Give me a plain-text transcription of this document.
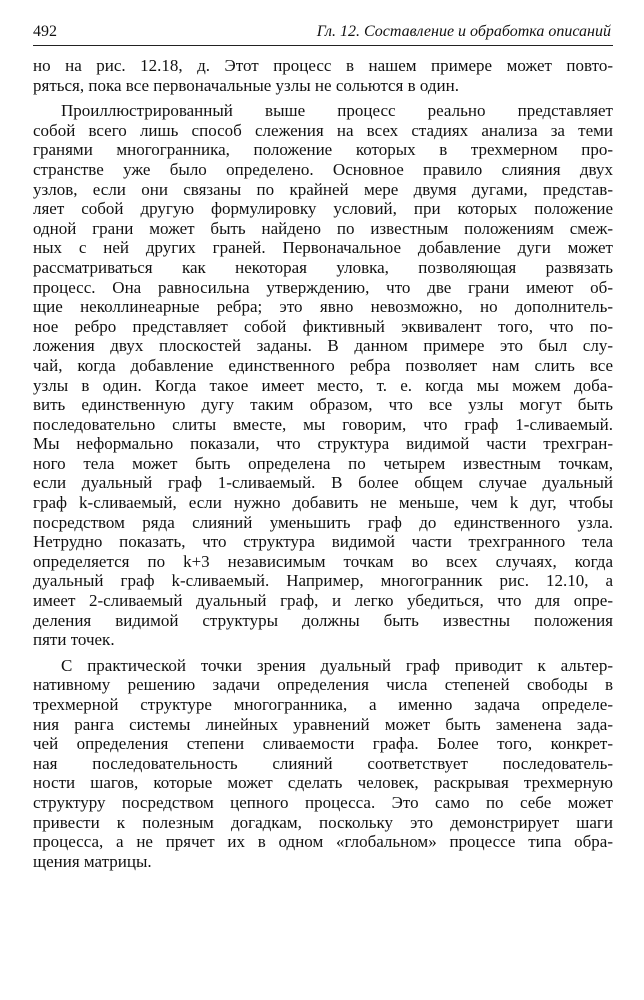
492	Гл. 12. Составление и обработка описаний
но на рис. 12.18, д. Этот процесс в нашем примере может повто-
ряться, пока все первоначальные узлы не сольются в один.
Проиллюстрированный выше процесс реально представляет
собой всего лишь способ слежения на всех стадиях анализа за теми
гранями многогранника, положение которых в трехмерном про-
странстве уже было определено. Основное правило слияния двух
узлов, если они связаны по крайней мере двумя дугами, представ-
ляет собой другую формулировку условий, при которых положение
одной грани может быть найдено по известным положениям смеж-
ных с ней других граней. Первоначальное добавление дуги может
рассматриваться как некоторая уловка, позволяющая развязать
процесс. Она равносильна утверждению, что две грани имеют об-
щие неколлинеарные ребра; это явно невозможно, но дополнитель-
ное ребро представляет собой фиктивный эквивалент того, что по-
ложения двух плоскостей заданы. В данном примере это был слу-
чай, когда добавление единственного ребра позволяет нам слить все
узлы в один. Когда такое имеет место, т. е. когда мы можем доба-
вить единственную дугу таким образом, что все узлы могут быть
последовательно слиты вместе, мы говорим, что граф 1-сливаемый.
Мы неформально показали, что структура видимой части трехгран-
ного тела может быть определена по четырем известным точкам,
если дуальный граф 1-сливаемый. В более общем случае дуальный
граф k-сливаемый, если нужно добавить не меньше, чем k дуг, чтобы
посредством ряда слияний уменьшить граф до единственного узла.
Нетрудно показать, что структура видимой части трехгранного тела
определяется по k+3 независимым точкам во всех случаях, когда
дуальный граф k-сливаемый. Например, многогранник рис. 12.10, а
имеет 2-сливаемый дуальный граф, и легко убедиться, что для опре-
деления видимой структуры должны быть известны положения
пяти точек.
С практической точки зрения дуальный граф приводит к альтер-
нативному решению задачи определения числа степеней свободы в
трехмерной структуре многогранника, а именно задача определе-
ния ранга системы линейных уравнений может быть заменена зада-
чей определения степени сливаемости графа. Более того, конкрет-
ная последовательность слияний соответствует последователь-
ности шагов, которые может сделать человек, раскрывая трехмерную
структуру посредством цепного процесса. Это само по себе может
привести к полезным догадкам, поскольку это демонстрирует шаги
процесса, а не прячет их в одном «глобальном» процессе типа обра-
щения матрицы.
